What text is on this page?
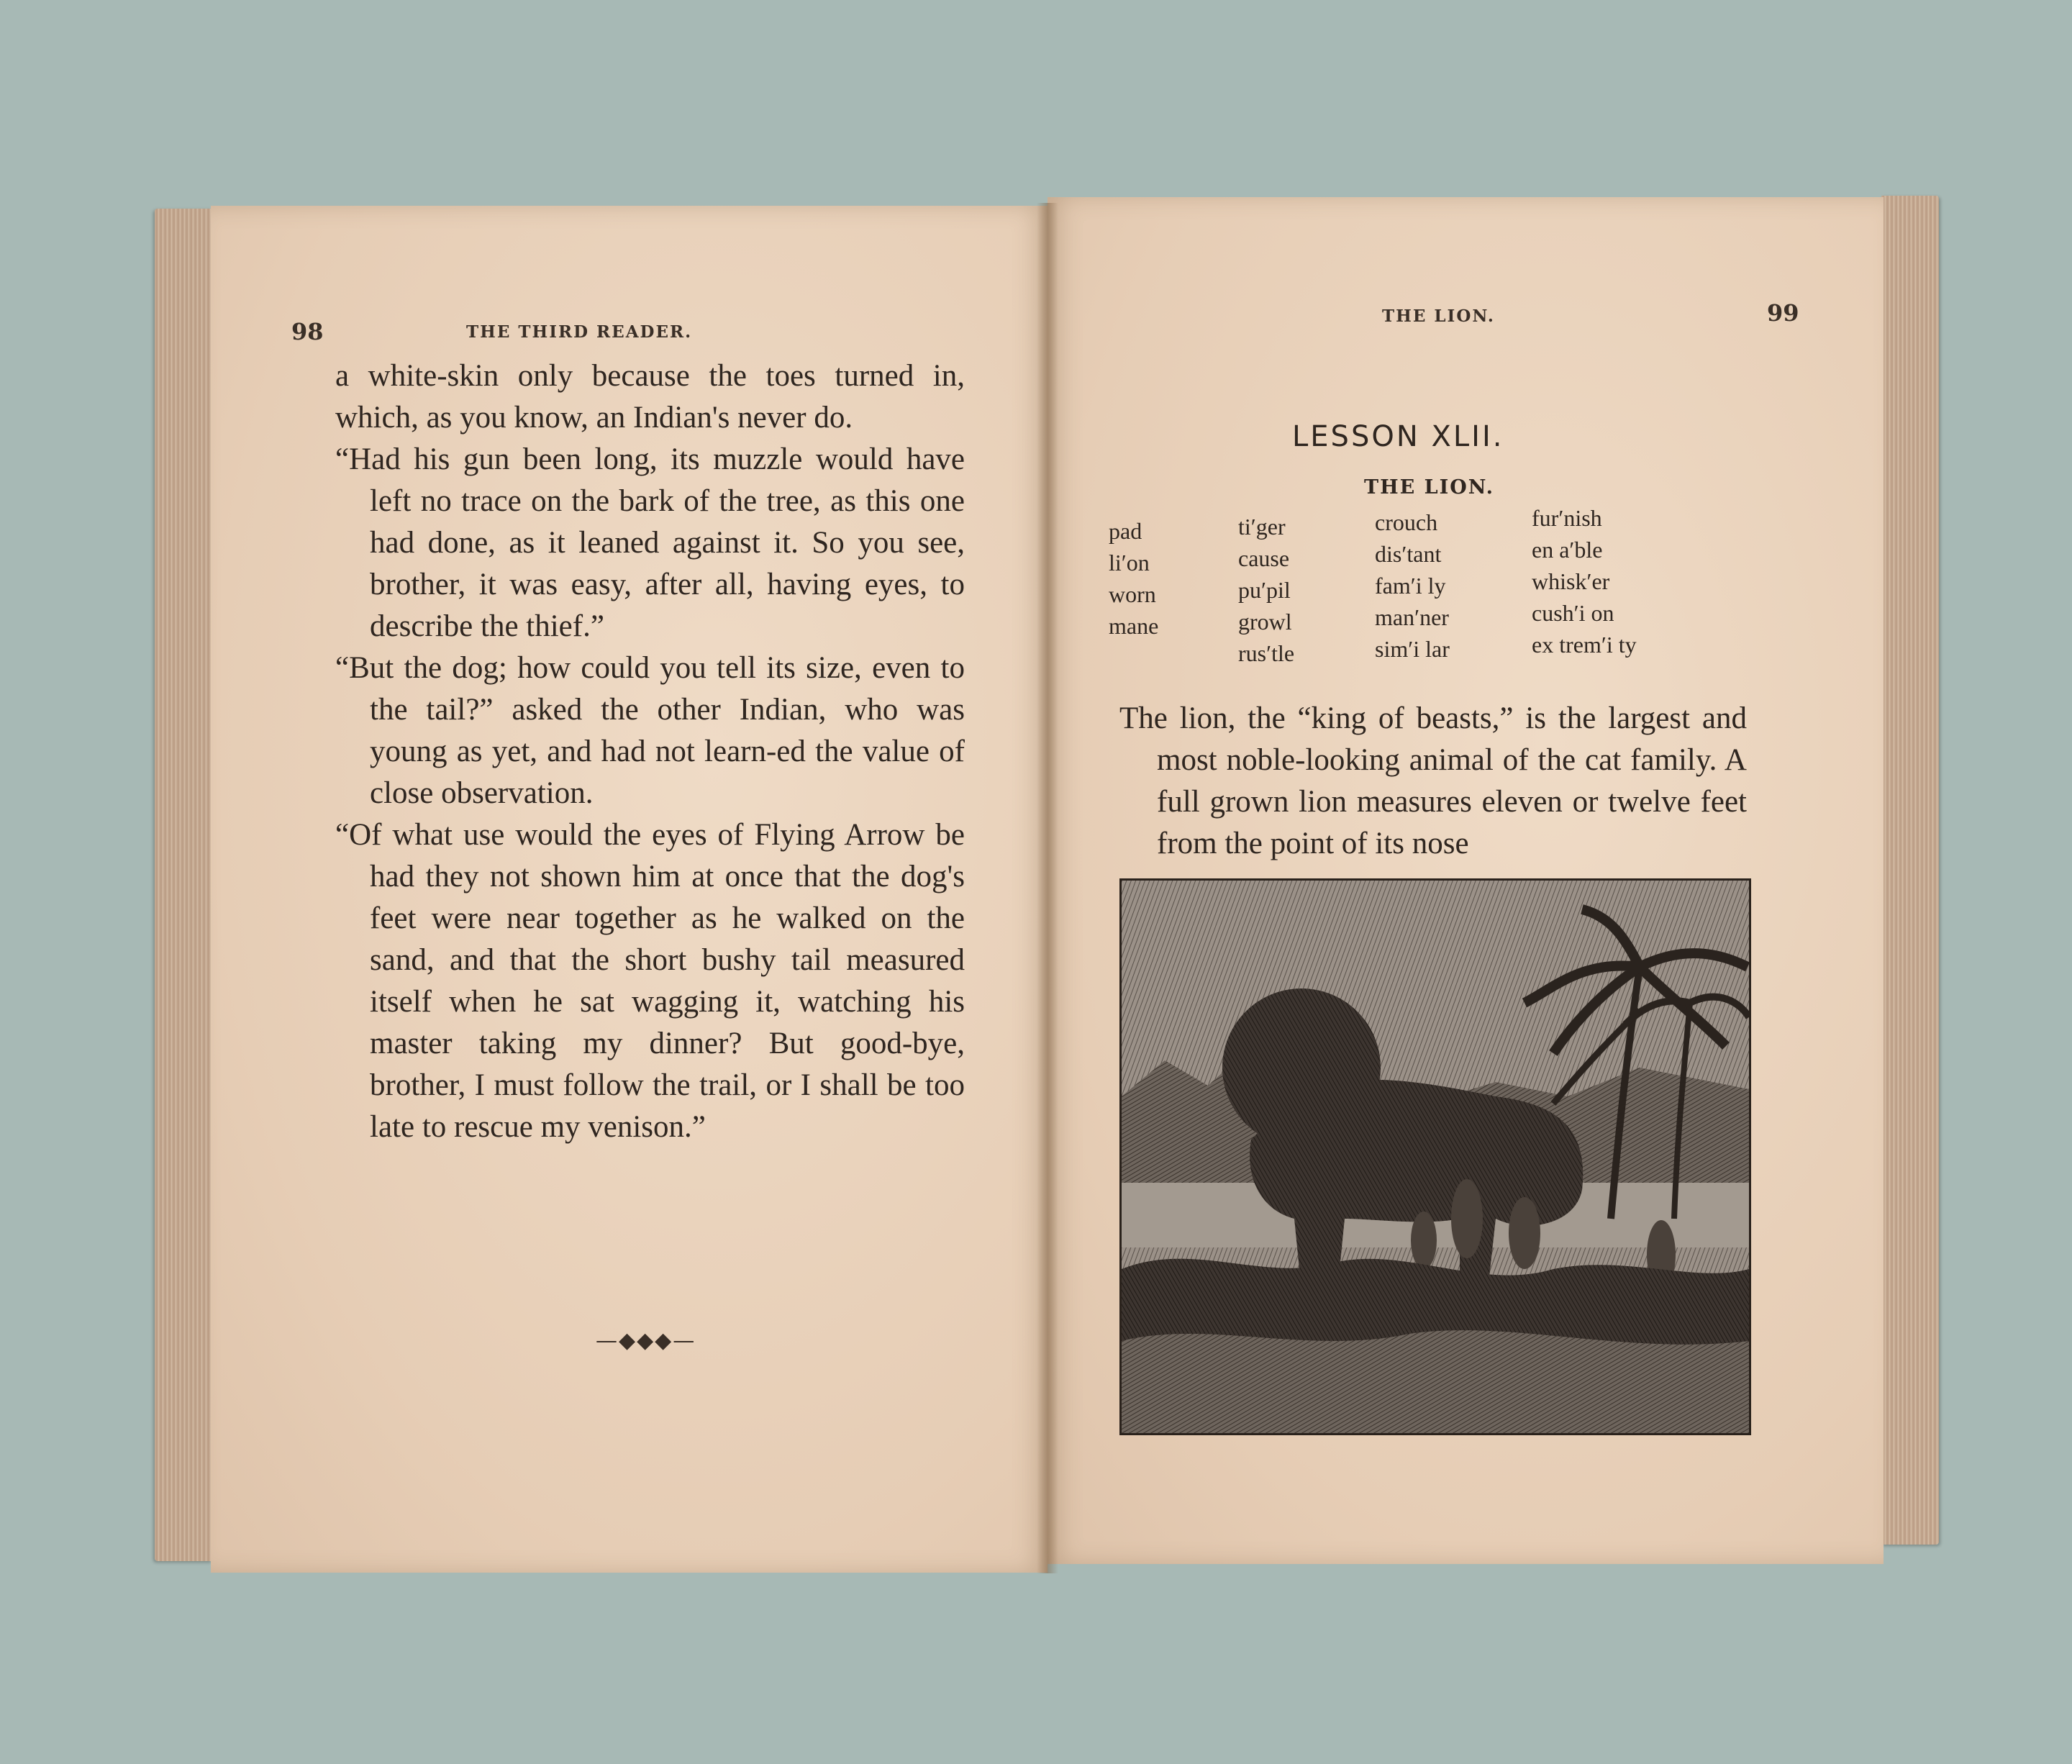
98	THE THIRD READER.

a white-skin only because the toes turned in, which, as you know, an Indian's never do.

“Had his gun been long, its muzzle would have left no trace on the bark of the tree, as this one had done, as it leaned against it. So you see, brother, it was easy, after all, having eyes, to describe the thief.”

“But the dog; how could you tell its size, even to the tail?” asked the other Indian, who was young as yet, and had not learn-ed the value of close observation.

“Of what use would the eyes of Flying Arrow be had they not shown him at once that the dog's feet were near together as he walked on the sand, and that the short bushy tail measured itself when he sat wagging it, watching his master taking my dinner? But good-bye, brother, I must follow the trail, or I shall be too late to rescue my venison.”

—◆◆◆—
THE LION.	99
LESSON XLII.
THE LION.
pad
li′on
worn
mane
ti′ger
cause
pu′pil
growl
rus′tle
crouch
dis′tant
fam′i ly
man′ner
sim′i lar
fur′nish
en a′ble
whisk′er
cush′i on
ex trem′i ty

The lion, the “king of beasts,” is the largest and most noble-looking animal of the cat family. A full grown lion measures eleven or twelve feet from the point of its nose
